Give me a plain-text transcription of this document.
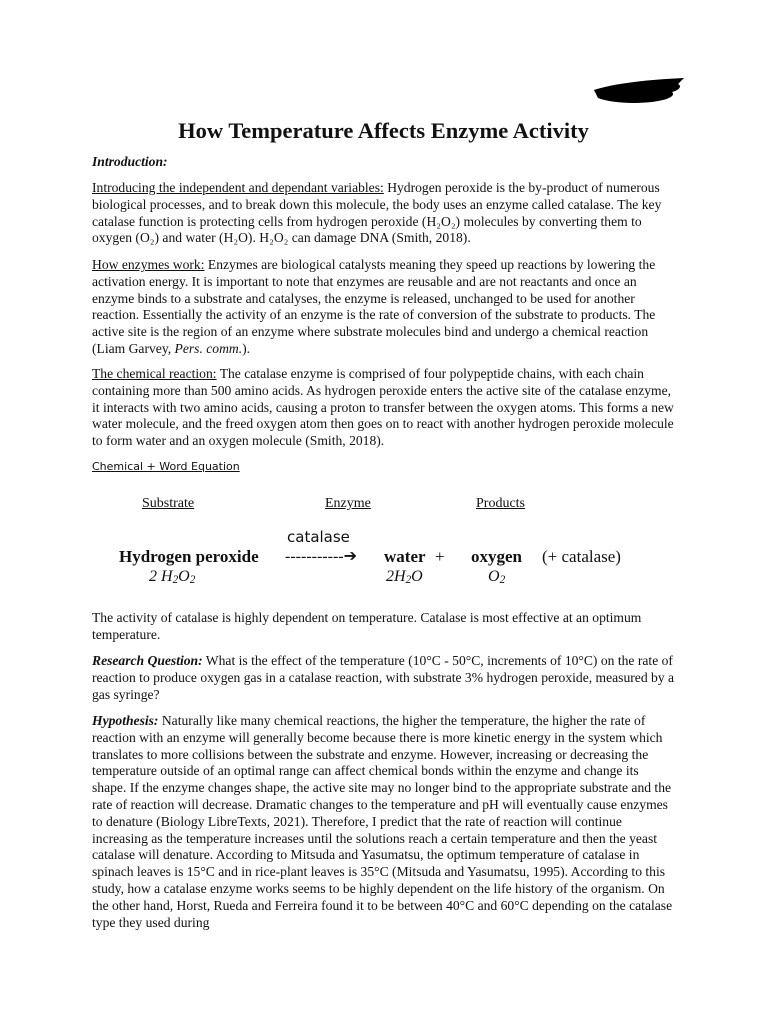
How Temperature Affects Enzyme Activity
Introduction:

Introducing the independent and dependant variables: Hydrogen peroxide is the by-product of numerous biological processes, and to break down this molecule, the body uses an enzyme called catalase. The key catalase function is protecting cells from hydrogen peroxide (H₂O₂) molecules by converting them to oxygen (O₂) and water (H₂O). H₂O₂ can damage DNA (Smith, 2018).

How enzymes work: Enzymes are biological catalysts meaning they speed up reactions by lowering the activation energy. It is important to note that enzymes are reusable and are not reactants and once an enzyme binds to a substrate and catalyses, the enzyme is released, unchanged to be used for another reaction. Essentially the activity of an enzyme is the rate of conversion of the substrate to products. The active site is the region of an enzyme where substrate molecules bind and undergo a chemical reaction (Liam Garvey, Pers. comm.).

The chemical reaction: The catalase enzyme is comprised of four polypeptide chains, with each chain containing more than 500 amino acids. As hydrogen peroxide enters the active site of the catalase enzyme, it interacts with two amino acids, causing a proton to transfer between the oxygen atoms. This forms a new water molecule, and the freed oxygen atom then goes on to react with another hydrogen peroxide molecule to form water and an oxygen molecule (Smith, 2018).

Chemical + Word Equation
Substrate	Enzyme	Products
catalase
Hydrogen peroxide -----------➔ water + oxygen (+ catalase)
2 H2O2	2H2O	O2

The activity of catalase is highly dependent on temperature. Catalase is most effective at an optimum temperature.

Research Question: What is the effect of the temperature (10°C - 50°C, increments of 10°C) on the rate of reaction to produce oxygen gas in a catalase reaction, with substrate 3% hydrogen peroxide, measured by a gas syringe?

Hypothesis: Naturally like many chemical reactions, the higher the temperature, the higher the rate of reaction with an enzyme will generally become because there is more kinetic energy in the system which translates to more collisions between the substrate and enzyme. However, increasing or decreasing the temperature outside of an optimal range can affect chemical bonds within the enzyme and change its shape. If the enzyme changes shape, the active site may no longer bind to the appropriate substrate and the rate of reaction will decrease. Dramatic changes to the temperature and pH will eventually cause enzymes to denature (Biology LibreTexts, 2021). Therefore, I predict that the rate of reaction will continue increasing as the temperature increases until the solutions reach a certain temperature and then the yeast catalase will denature. According to Mitsuda and Yasumatsu, the optimum temperature of catalase in spinach leaves is 15°C and in rice-plant leaves is 35°C (Mitsuda and Yasumatsu, 1995). According to this study, how a catalase enzyme works seems to be highly dependent on the life history of the organism. On the other hand, Horst, Rueda and Ferreira found it to be between 40°C and 60°C depending on the catalase type they used during
